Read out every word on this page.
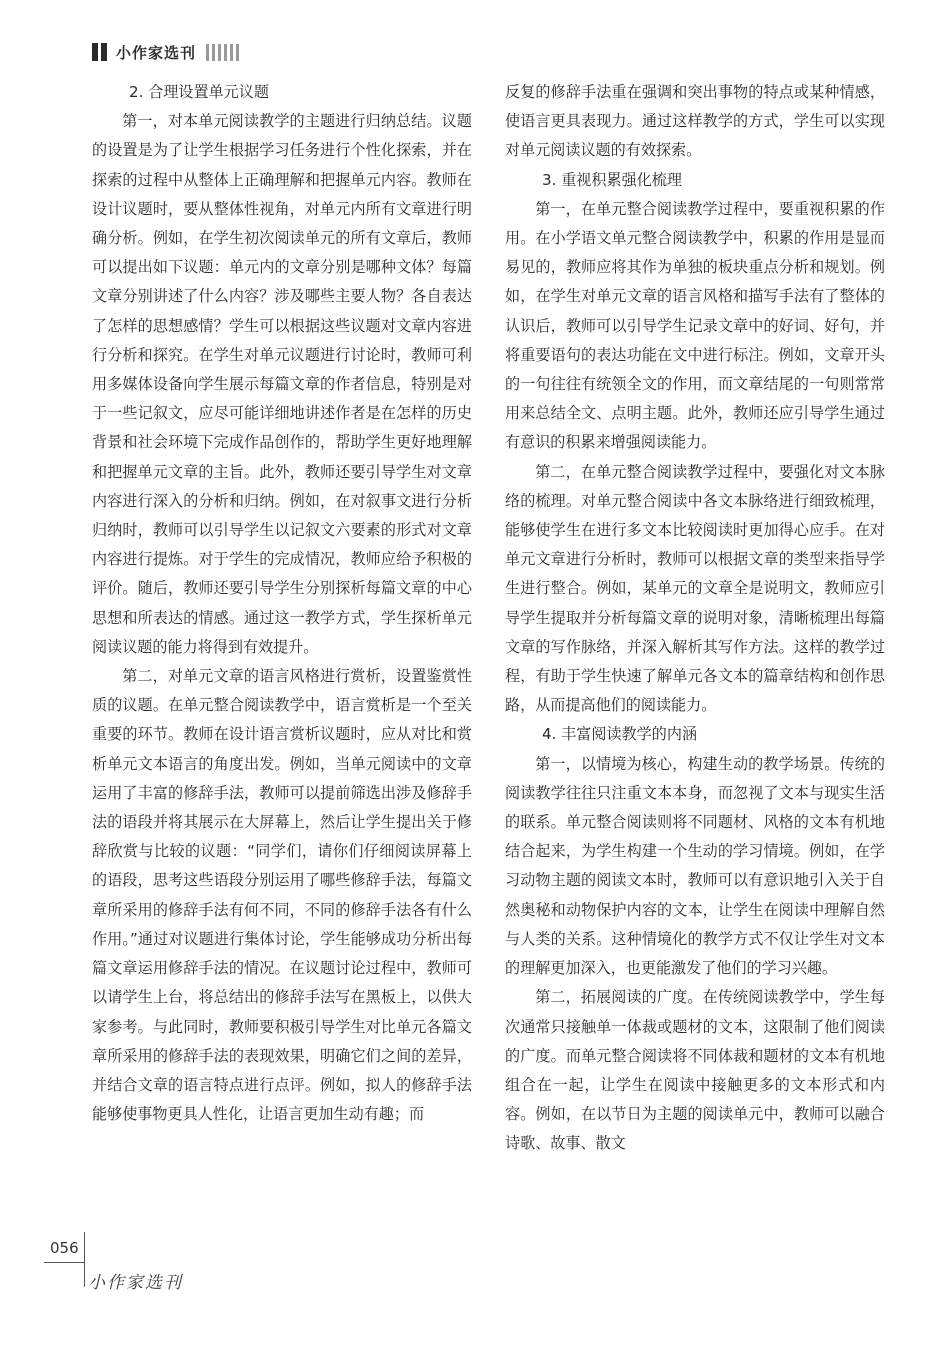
小作家选刊
2. 合理设置单元议题

第一，对本单元阅读教学的主题进行归纳总结。议题的设置是为了让学生根据学习任务进行个性化探索，并在探索的过程中从整体上正确理解和把握单元内容。教师在设计议题时，要从整体性视角，对单元内所有文章进行明确分析。例如，在学生初次阅读单元的所有文章后，教师可以提出如下议题：单元内的文章分别是哪种文体？每篇文章分别讲述了什么内容？涉及哪些主要人物？各自表达了怎样的思想感情？学生可以根据这些议题对文章内容进行分析和探究。在学生对单元议题进行讨论时，教师可利用多媒体设备向学生展示每篇文章的作者信息，特别是对于一些记叙文，应尽可能详细地讲述作者是在怎样的历史背景和社会环境下完成作品创作的，帮助学生更好地理解和把握单元文章的主旨。此外，教师还要引导学生对文章内容进行深入的分析和归纳。例如，在对叙事文进行分析归纳时，教师可以引导学生以记叙文六要素的形式对文章内容进行提炼。对于学生的完成情况，教师应给予积极的评价。随后，教师还要引导学生分别探析每篇文章的中心思想和所表达的情感。通过这一教学方式，学生探析单元阅读议题的能力将得到有效提升。

第二，对单元文章的语言风格进行赏析，设置鉴赏性质的议题。在单元整合阅读教学中，语言赏析是一个至关重要的环节。教师在设计语言赏析议题时，应从对比和赏析单元文本语言的角度出发。例如，当单元阅读中的文章运用了丰富的修辞手法，教师可以提前筛选出涉及修辞手法的语段并将其展示在大屏幕上，然后让学生提出关于修辞欣赏与比较的议题：“同学们，请你们仔细阅读屏幕上的语段，思考这些语段分别运用了哪些修辞手法，每篇文章所采用的修辞手法有何不同，不同的修辞手法各有什么作用。”通过对议题进行集体讨论，学生能够成功分析出每篇文章运用修辞手法的情况。在议题讨论过程中，教师可以请学生上台，将总结出的修辞手法写在黑板上，以供大家参考。与此同时，教师要积极引导学生对比单元各篇文章所采用的修辞手法的表现效果，明确它们之间的差异，并结合文章的语言特点进行点评。例如，拟人的修辞手法能够使事物更具人性化，让语言更加生动有趣；而

反复的修辞手法重在强调和突出事物的特点或某种情感，使语言更具表现力。通过这样教学的方式，学生可以实现对单元阅读议题的有效探索。

3. 重视积累强化梳理

第一，在单元整合阅读教学过程中，要重视积累的作用。在小学语文单元整合阅读教学中，积累的作用是显而易见的，教师应将其作为单独的板块重点分析和规划。例如，在学生对单元文章的语言风格和描写手法有了整体的认识后，教师可以引导学生记录文章中的好词、好句，并将重要语句的表达功能在文中进行标注。例如，文章开头的一句往往有统领全文的作用，而文章结尾的一句则常常用来总结全文、点明主题。此外，教师还应引导学生通过有意识的积累来增强阅读能力。

第二，在单元整合阅读教学过程中，要强化对文本脉络的梳理。对单元整合阅读中各文本脉络进行细致梳理，能够使学生在进行多文本比较阅读时更加得心应手。在对单元文章进行分析时，教师可以根据文章的类型来指导学生进行整合。例如，某单元的文章全是说明文，教师应引导学生提取并分析每篇文章的说明对象，清晰梳理出每篇文章的写作脉络，并深入解析其写作方法。这样的教学过程，有助于学生快速了解单元各文本的篇章结构和创作思路，从而提高他们的阅读能力。

4. 丰富阅读教学的内涵

第一，以情境为核心，构建生动的教学场景。传统的阅读教学往往只注重文本本身，而忽视了文本与现实生活的联系。单元整合阅读则将不同题材、风格的文本有机地结合起来，为学生构建一个生动的学习情境。例如，在学习动物主题的阅读文本时，教师可以有意识地引入关于自然奥秘和动物保护内容的文本，让学生在阅读中理解自然与人类的关系。这种情境化的教学方式不仅让学生对文本的理解更加深入，也更能激发了他们的学习兴趣。

第二，拓展阅读的广度。在传统阅读教学中，学生每次通常只接触单一体裁或题材的文本，这限制了他们阅读的广度。而单元整合阅读将不同体裁和题材的文本有机地组合在一起，让学生在阅读中接触更多的文本形式和内容。例如，在以节日为主题的阅读单元中，教师可以融合诗歌、故事、散文

056
小作家选刊
